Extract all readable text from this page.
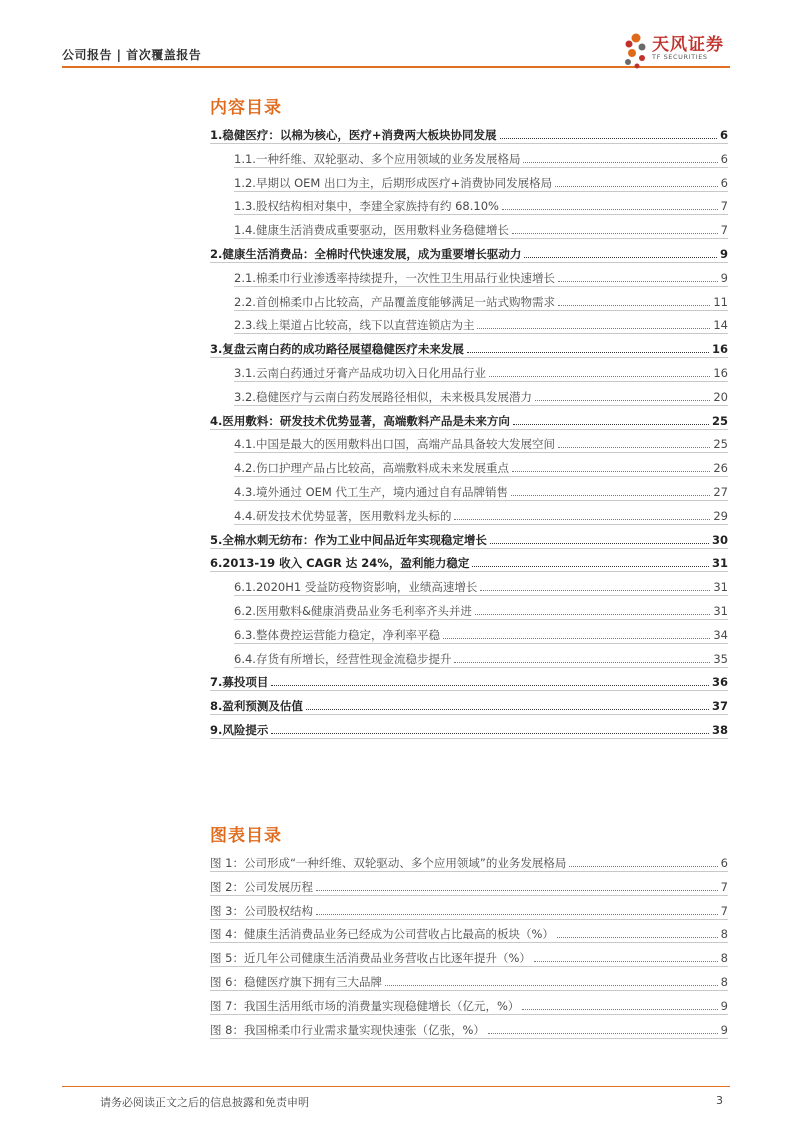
公司报告 | 首次覆盖报告	天风证券
TF SECURITIES
内容目录
1. 稳健医疗：以棉为核心，医疗+消费两大板块协同发展	6
1.1. 一种纤维、双轮驱动、多个应用领域的业务发展格局	6
1.2. 早期以 OEM 出口为主，后期形成医疗+消费协同发展格局	6
1.3. 股权结构相对集中，李建全家族持有约 68.10%	7
1.4. 健康生活消费成重要驱动，医用敷料业务稳健增长	7
2. 健康生活消费品：全棉时代快速发展，成为重要增长驱动力	9
2.1. 棉柔巾行业渗透率持续提升，一次性卫生用品行业快速增长	9
2.2. 首创棉柔巾占比较高，产品覆盖度能够满足一站式购物需求	11
2.3. 线上渠道占比较高，线下以直营连锁店为主	14
3. 复盘云南白药的成功路径展望稳健医疗未来发展	16
3.1. 云南白药通过牙膏产品成功切入日化用品行业	16
3.2. 稳健医疗与云南白药发展路径相似，未来极具发展潜力	20
4. 医用敷料：研发技术优势显著，高端敷料产品是未来方向	25
4.1. 中国是最大的医用敷料出口国，高端产品具备较大发展空间	25
4.2. 伤口护理产品占比较高，高端敷料成未来发展重点	26
4.3. 境外通过 OEM 代工生产，境内通过自有品牌销售	27
4.4. 研发技术优势显著，医用敷料龙头标的	29
5. 全棉水刺无纺布：作为工业中间品近年实现稳定增长	30
6. 2013-19 收入 CAGR 达 24%，盈利能力稳定	31
6.1. 2020H1 受益防疫物资影响，业绩高速增长	31
6.2. 医用敷料&健康消费品业务毛利率齐头并进	31
6.3. 整体费控运营能力稳定，净利率平稳	34
6.4. 存货有所增长，经营性现金流稳步提升	35
7. 募投项目	36
8. 盈利预测及估值	37
9. 风险提示	38
图表目录
图 1：公司形成“一种纤维、双轮驱动、多个应用领域”的业务发展格局	6
图 2：公司发展历程	7
图 3：公司股权结构	7
图 4：健康生活消费品业务已经成为公司营收占比最高的板块（%）	8
图 5：近几年公司健康生活消费品业务营收占比逐年提升（%）	8
图 6：稳健医疗旗下拥有三大品牌	8
图 7：我国生活用纸市场的消费量实现稳健增长（亿元，%）	9
图 8：我国棉柔巾行业需求量实现快速张（亿张，%）	9
请务必阅读正文之后的信息披露和免责申明	3
